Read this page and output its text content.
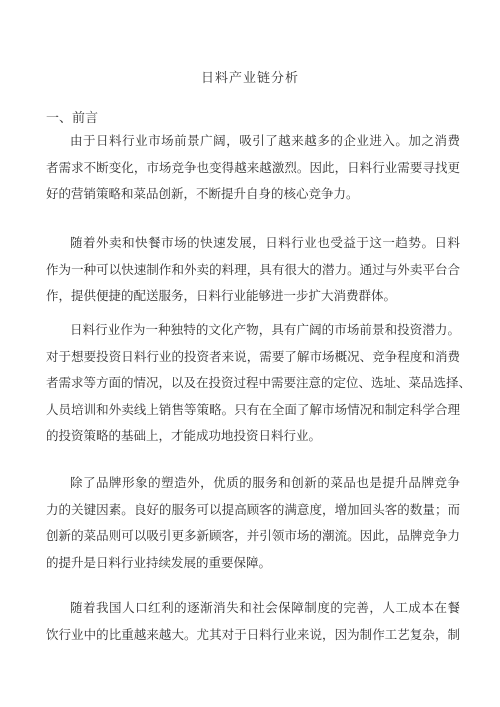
日料产业链分析
一、前言

由于日料行业市场前景广阔，吸引了越来越多的企业进入。加之消费
者需求不断变化，市场竞争也变得越来越激烈。因此，日料行业需要寻找更
好的营销策略和菜品创新，不断提升自身的核心竞争力。

随着外卖和快餐市场的快速发展，日料行业也受益于这一趋势。日料
作为一种可以快速制作和外卖的料理，具有很大的潜力。通过与外卖平台合
作，提供便捷的配送服务，日料行业能够进一步扩大消费群体。

日料行业作为一种独特的文化产物，具有广阔的市场前景和投资潜力。
对于想要投资日料行业的投资者来说，需要了解市场概况、竞争程度和消费
者需求等方面的情况，以及在投资过程中需要注意的定位、选址、菜品选择、
人员培训和外卖线上销售等策略。只有在全面了解市场情况和制定科学合理
的投资策略的基础上，才能成功地投资日料行业。

除了品牌形象的塑造外，优质的服务和创新的菜品也是提升品牌竞争
力的关键因素。良好的服务可以提高顾客的满意度，增加回头客的数量；而
创新的菜品则可以吸引更多新顾客，并引领市场的潮流。因此，品牌竞争力
的提升是日料行业持续发展的重要保障。

随着我国人口红利的逐渐消失和社会保障制度的完善，人工成本在餐
饮行业中的比重越来越大。尤其对于日料行业来说，因为制作工艺复杂，制
